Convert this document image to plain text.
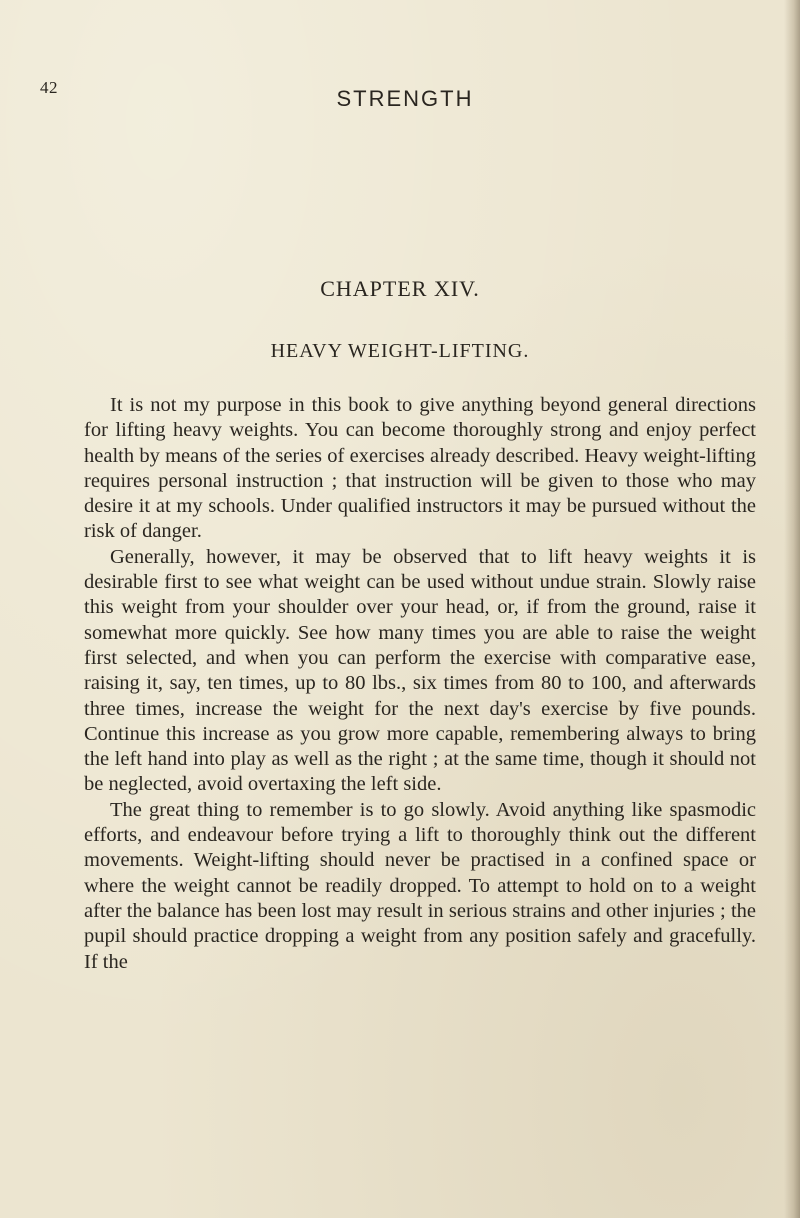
42	STRENGTH
CHAPTER XIV.
HEAVY WEIGHT-LIFTING.

It is not my purpose in this book to give anything beyond general directions for lifting heavy weights. You can become thoroughly strong and enjoy perfect health by means of the series of exercises already described. Heavy weight-lifting requires personal instruction ; that instruction will be given to those who may desire it at my schools. Under qualified instructors it may be pursued without the risk of danger.

Generally, however, it may be observed that to lift heavy weights it is desirable first to see what weight can be used without undue strain. Slowly raise this weight from your shoulder over your head, or, if from the ground, raise it somewhat more quickly. See how many times you are able to raise the weight first selected, and when you can perform the exercise with comparative ease, raising it, say, ten times, up to 80 lbs., six times from 80 to 100, and afterwards three times, increase the weight for the next day's exercise by five pounds. Continue this increase as you grow more capable, remembering always to bring the left hand into play as well as the right ; at the same time, though it should not be neglected, avoid overtaxing the left side.

The great thing to remember is to go slowly. Avoid anything like spasmodic efforts, and endeavour before trying a lift to thoroughly think out the different movements. Weight-lifting should never be practised in a confined space or where the weight cannot be readily dropped. To attempt to hold on to a weight after the balance has been lost may result in serious strains and other injuries ; the pupil should practice dropping a weight from any position safely and gracefully. If the
